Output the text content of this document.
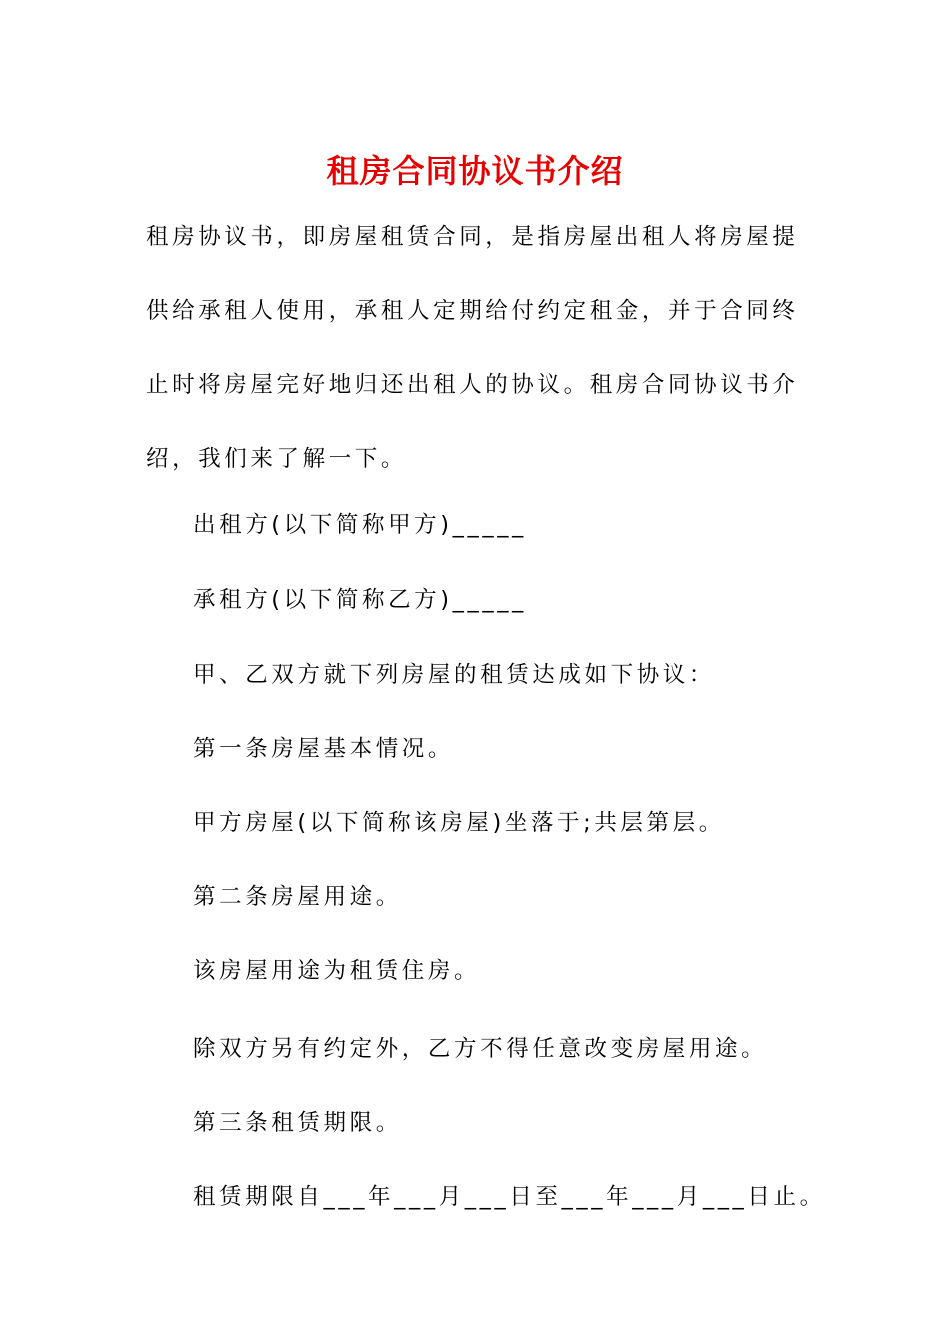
租房合同协议书介绍

租房协议书，即房屋租赁合同，是指房屋出租人将房屋提供给承租人使用，承租人定期给付约定租金，并于合同终止时将房屋完好地归还出租人的协议。租房合同协议书介绍，我们来了解一下。

出租方(以下简称甲方)_____

承租方(以下简称乙方)_____

甲、乙双方就下列房屋的租赁达成如下协议：

第一条房屋基本情况。

甲方房屋(以下简称该房屋)坐落于;共层第层。

第二条房屋用途。

该房屋用途为租赁住房。

除双方另有约定外，乙方不得任意改变房屋用途。

第三条租赁期限。

租赁期限自___年___月___日至___年___月___日止。
